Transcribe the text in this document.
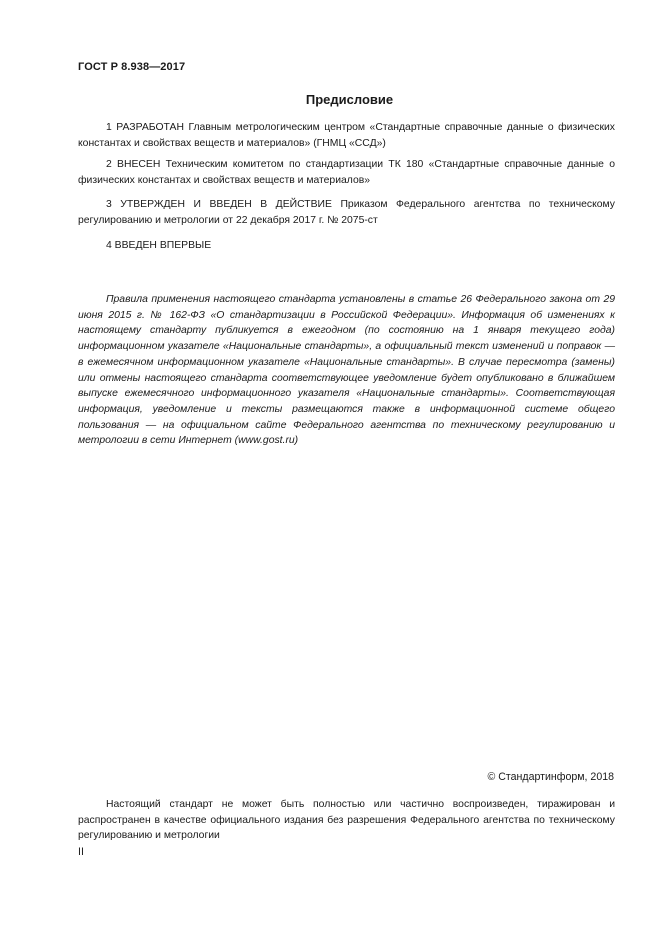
ГОСТ Р 8.938—2017
Предисловие

1 РАЗРАБОТАН Главным метрологическим центром «Стандартные справочные данные о физических константах и свойствах веществ и материалов» (ГНМЦ «ССД»)

2 ВНЕСЕН Техническим комитетом по стандартизации ТК 180 «Стандартные справочные данные о физических константах и свойствах веществ и материалов»

3 УТВЕРЖДЕН И ВВЕДЕН В ДЕЙСТВИЕ Приказом Федерального агентства по техническому регулированию и метрологии от 22 декабря 2017 г. № 2075-ст

4 ВВЕДЕН ВПЕРВЫЕ

Правила применения настоящего стандарта установлены в статье 26 Федерального закона от 29 июня 2015 г. № 162-ФЗ «О стандартизации в Российской Федерации». Информация об изменениях к настоящему стандарту публикуется в ежегодном (по состоянию на 1 января текущего года) информационном указателе «Национальные стандарты», а официальный текст изменений и поправок — в ежемесячном информационном указателе «Национальные стандарты». В случае пересмотра (замены) или отмены настоящего стандарта соответствующее уведомление будет опубликовано в ближайшем выпуске ежемесячного информационного указателя «Национальные стандарты». Соответствующая информация, уведомление и тексты размещаются также в информационной системе общего пользования — на официальном сайте Федерального агентства по техническому регулированию и метрологии в сети Интернет (www.gost.ru)

© Стандартинформ, 2018

Настоящий стандарт не может быть полностью или частично воспроизведен, тиражирован и распространен в качестве официального издания без разрешения Федерального агентства по техническому регулированию и метрологии

II
